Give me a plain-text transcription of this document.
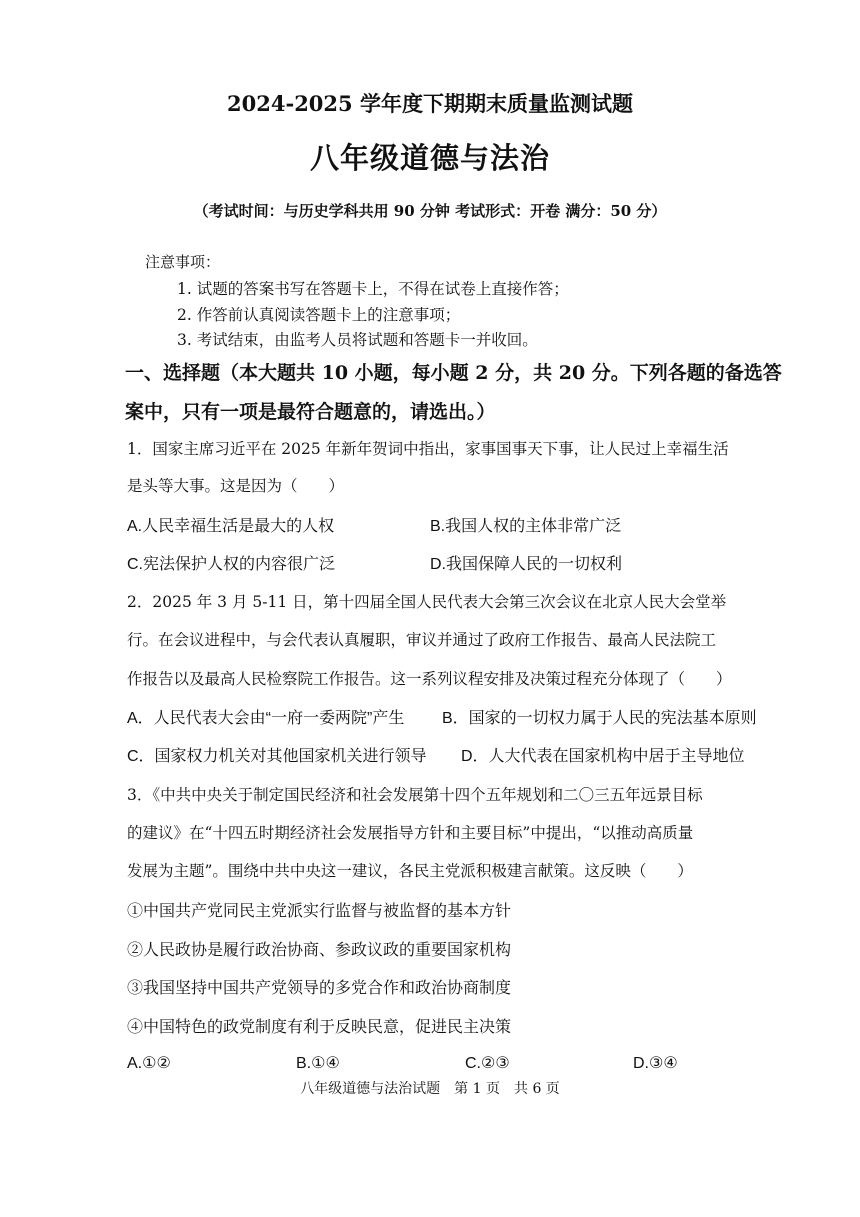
2024-2025 学年度下期期末质量监测试题
八年级道德与法治
（考试时间：与历史学科共用 90 分钟 考试形式：开卷 满分：50 分）
注意事项：
1. 试题的答案书写在答题卡上，不得在试卷上直接作答；
2. 作答前认真阅读答题卡上的注意事项；
3. 考试结束，由监考人员将试题和答题卡一并收回。
一、选择题（本大题共 10 小题，每小题 2 分，共 20 分。下列各题的备选答
案中，只有一项是最符合题意的，请选出。）
1．国家主席习近平在 2025 年新年贺词中指出，家事国事天下事，让人民过上幸福生活
是头等大事。这是因为（　　）
A.人民幸福生活是最大的人权	B.我国人权的主体非常广泛
C.宪法保护人权的内容很广泛	D.我国保障人民的一切权利
2．2025 年 3 月 5-11 日，第十四届全国人民代表大会第三次会议在北京人民大会堂举
行。在会议进程中，与会代表认真履职，审议并通过了政府工作报告、最高人民法院工
作报告以及最高人民检察院工作报告。这一系列议程安排及决策过程充分体现了（　　）
A．人民代表大会由“一府一委两院”产生 B．国家的一切权力属于人民的宪法基本原则
C．国家权力机关对其他国家机关进行领导 D．人大代表在国家机构中居于主导地位
3．《中共中央关于制定国民经济和社会发展第十四个五年规划和二〇三五年远景目标
的建议》在“十四五时期经济社会发展指导方针和主要目标”中提出，“以推动高质量
发展为主题”。围绕中共中央这一建议，各民主党派积极建言献策。这反映（　　）
①中国共产党同民主党派实行监督与被监督的基本方针
②人民政协是履行政治协商、参政议政的重要国家机构
③我国坚持中国共产党领导的多党合作和政治协商制度
④中国特色的政党制度有利于反映民意，促进民主决策
A.①②	B.①④	C.②③	D.③④
八年级道德与法治试题　第 1 页　共 6 页
